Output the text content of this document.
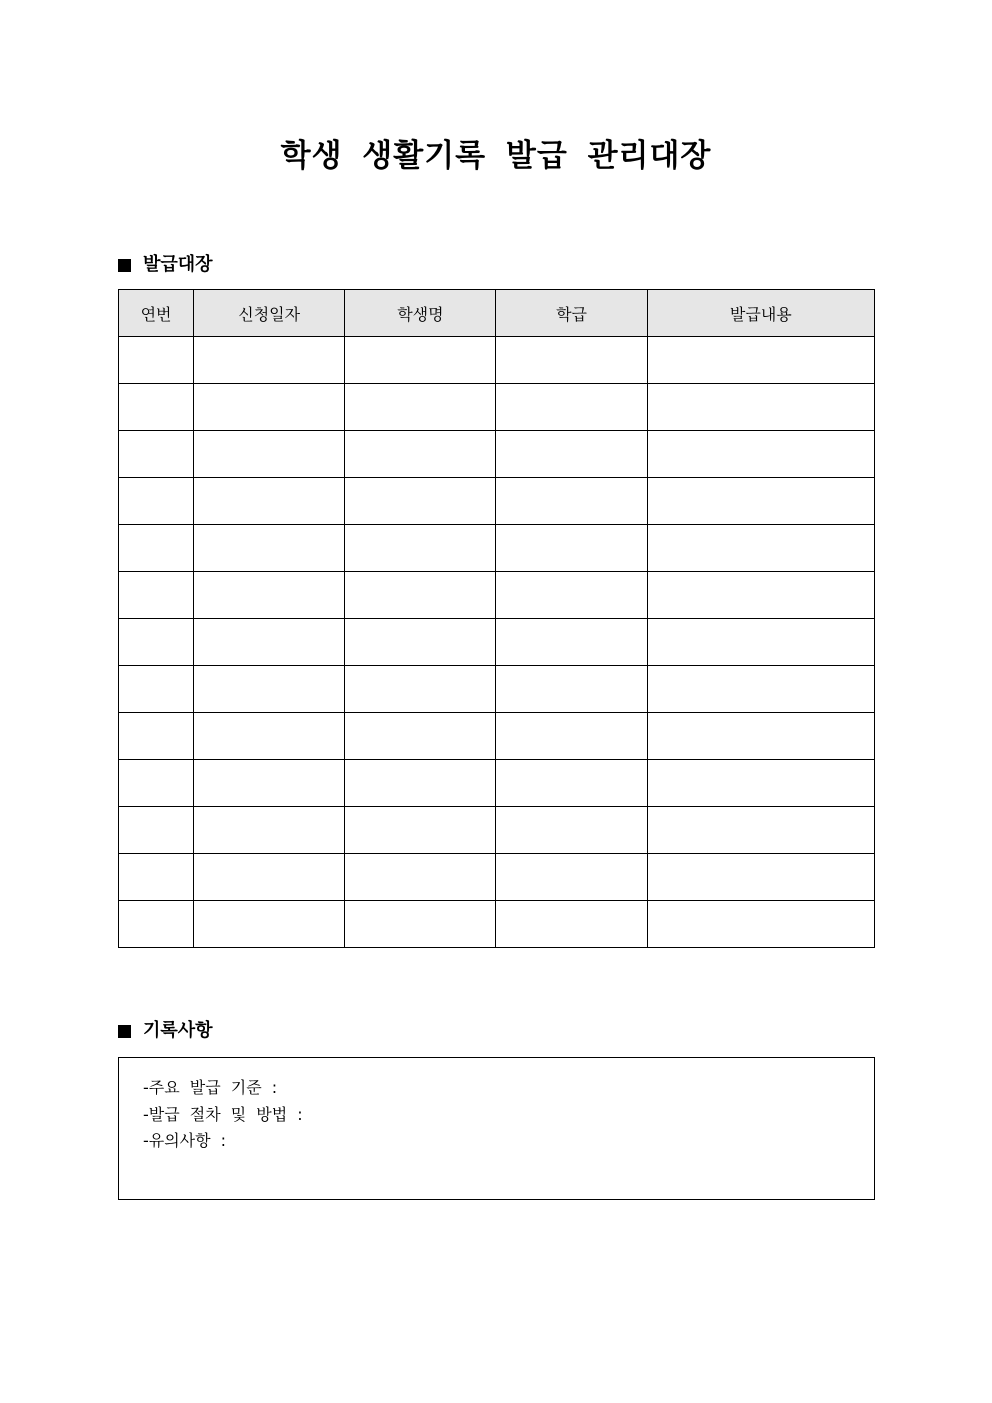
학생 생활기록 발급 관리대장
발급대장
연번	신청일자	학생명	학급	발급내용

기록사항
-주요 발급 기준 :
-발급 절차 및 방법 :
-유의사항 :
